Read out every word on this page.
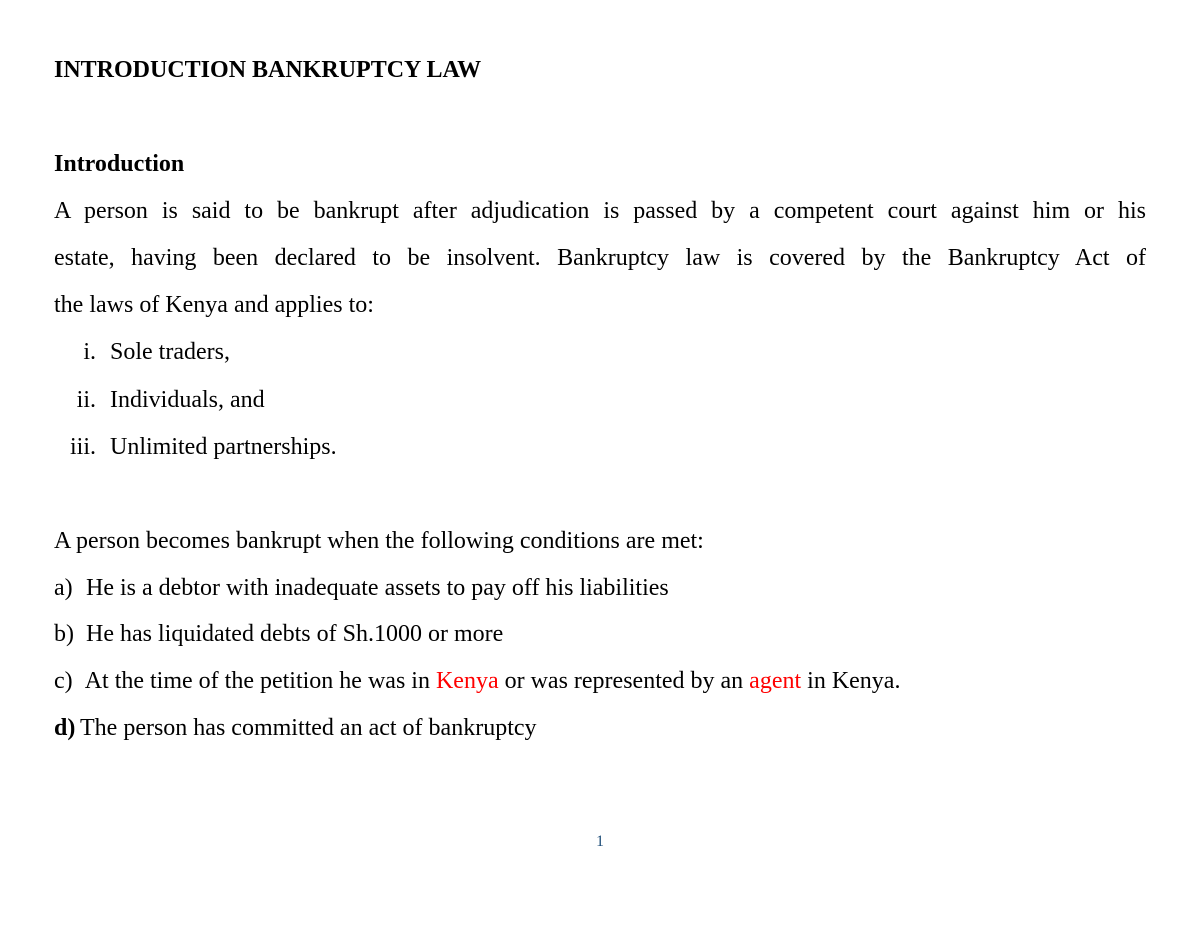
INTRODUCTION BANKRUPTCY LAW
Introduction
A person is said to be bankrupt after adjudication is passed by a competent court against him or his
estate, having been declared to be insolvent. Bankruptcy law is covered by the Bankruptcy Act of
the laws of Kenya and applies to:
i. Sole traders,
ii. Individuals, and
iii. Unlimited partnerships.
A person becomes bankrupt when the following conditions are met:
a) He is a debtor with inadequate assets to pay off his liabilities
b) He has liquidated debts of Sh.1000 or more
c) At the time of the petition he was in Kenya or was represented by an agent in Kenya.
d) The person has committed an act of bankruptcy
1
